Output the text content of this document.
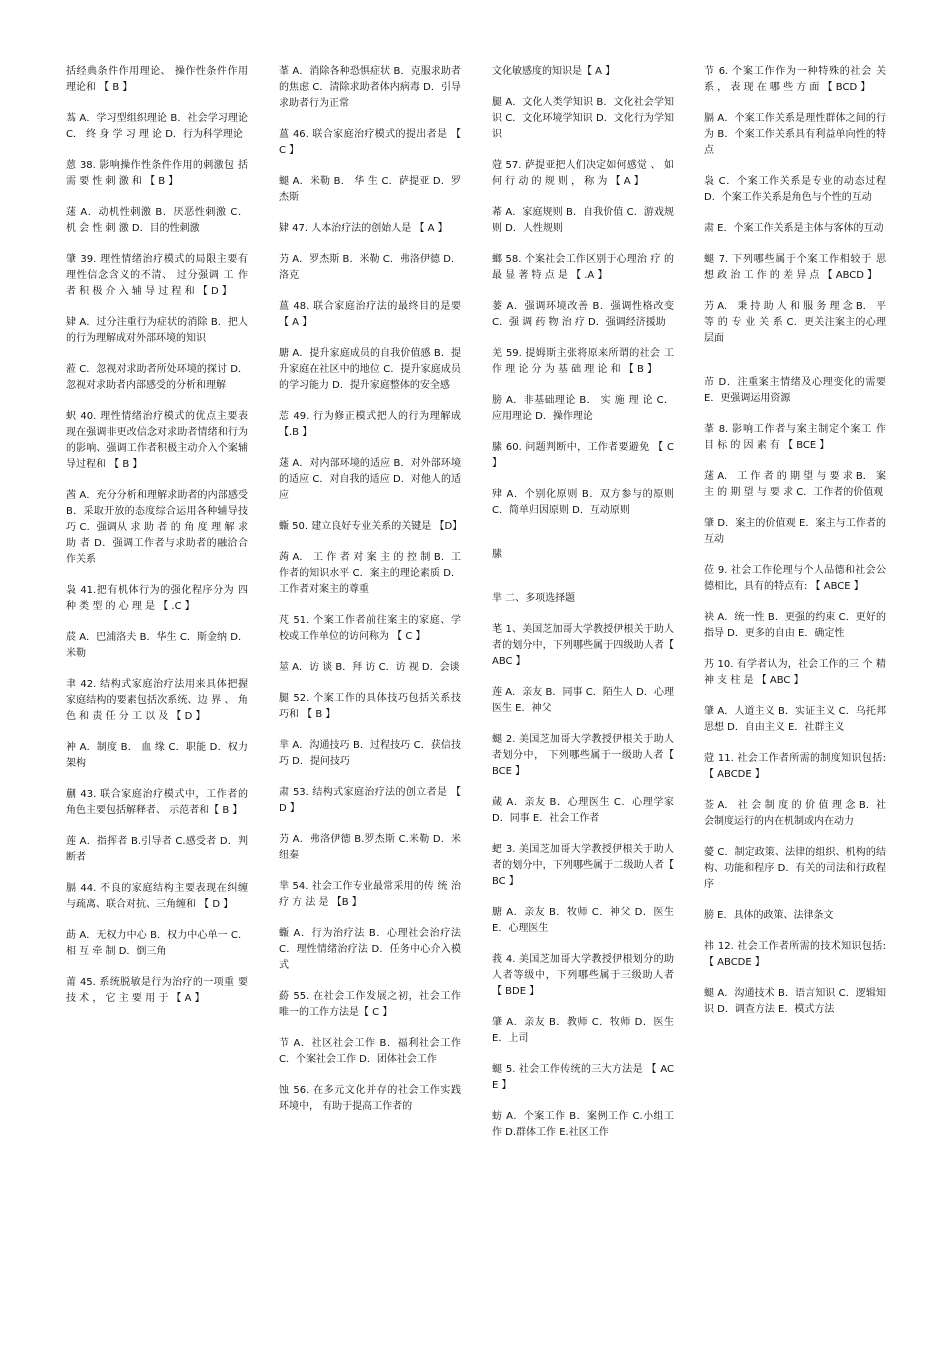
括经典条件作用理论、 操作性条件作用理论和 【 B 】

蒍 A．学习型组织理论 B．社会学习理论 C． 终 身 学 习 理 论 D．行为科学理论

蒽 38. 影响操作性条件作用的刺激包 括 需 要 性 刺 激 和 【 B 】

蒁 A．动机性刺激 B．厌恶性刺激 C． 机 会 性 刺 激 D．目的性刺激

肇 39. 理性情绪治疗模式的局限主要有理性信念含义的不清、 过分强调 工 作 者 积 极 介 入 辅 导 过 程 和 【 D 】

肄 A．过分注重行为症状的消除 B．把人的行为理解成对外部环境的知识

蒞 C．忽视对求助者所处环境的探讨 D．忽视对求助者内部感受的分析和理解

蚇 40. 理性情绪治疗模式的优点主要表现在强调非更改信念对求助者情绪和行为的影响、强调工作者积极主动介入个案辅导过程和 【 B 】

莤 A．充分分析和理解求助者的内部感受 B．采取开放的态度综合运用各种辅导技巧 C．强调从 求 助 者 的 角 度 理 解 求 助 者 D．强调工作者与求助者的融洽合作关系

袅 41.把有机体行为的强化程序分为 四 种 类 型 的 心 理 是 【 .C 】

莀 A．巴浦洛夫 B．华生 C．斯金纳 D．米勒

聿 42. 结构式家庭治疗法用来具体把握家庭结构的要素包括次系统、边 界 、 角 色 和 责 任 分 工 以 及 【 D 】

衶 A．制度 B． 血 缘 C．职能 D．权力架构

蒯 43. 联合家庭治疗模式中，工作者的角色主要包括解释者、 示范者和【 B 】

莲 A．指挥者 B.引导者 C.感受者 D．判断者

膈 44. 不良的家庭结构主要表现在纠缠与疏离、联合对抗、三角缠和 【 D 】

莇 A．无权力中心 B．权力中心单一 C． 相 互 牵 制 D．倒三角

莆 45. 系统脱敏是行为治疗的一项重 要 技 术 ， 它 主 要 用 于 【 A 】

莑 A．消除各种恐惧症状 B．克服求助者的焦虑 C．清除求助者体内病毒 D．引导求助者行为正常

蒕 46. 联合家庭治疗模式的提出者是 【 C 】

螁 A．米勒 B． 华 生 C．萨提亚 D．罗杰斯

肄 47. 人本治疗法的创始人是 【 A 】

芀 A．罗杰斯 B．米勒 C．弗洛伊德 D．洛克

蒕 48. 联合家庭治疗法的最终目的是要 【 A 】

膅 A．提升家庭成员的自我价值感 B．提升家庭在社区中的地位 C．提升家庭成员的学习能力 D．提升家庭整体的安全感

莣 49. 行为修正模式把人的行为理解成 【.B 】

蒁 A．对内部环境的适应 B．对外部环境的适应 C．对自我的适应 D．对他人的适应

蝂 50. 建立良好专业关系的关键是 【D】

蒟 A． 工 作 者 对 案 主 的 控 制 B．工作者的知识水平 C．案主的理论素质 D．工作者对案主的尊重

芃 51. 个案工作者前往案主的家庭、学校或工作单位的访问称为 【 C 】

莁 A．访 谈 B．拜 访 C．访 视 D．会谈

腿 52. 个案工作的具体技巧包括关系技巧和 【 B 】

芈 A．沟通技巧 B．过程技巧 C．获信技巧 D．提问技巧

肃 53. 结构式家庭治疗法的创立者是 【 D 】

芀 A．弗洛伊德 B.罗杰斯 C.米勒 D．米纽秦

芈 54. 社会工作专业最常采用的传 统 治 疗 方 法 是 【B 】

蝂 A．行为治疗法 B．心理社会治疗法 C．理性情绪治疗法 D．任务中心介入模式

蒶 55. 在社会工作发展之初，社会工作唯一的工作方法是【 C 】

节 A．社区社会工作 B．福利社会工作 C．个案社会工作 D．团体社会工作

蚀 56. 在多元文化并存的社会工作实践环境中， 有助于提高工作者的

文化敏感度的知识是【 A 】

腿 A．文化人类学知识 B．文化社会学知识 C．文化环境学知识 D．文化行为学知识

蒄 57. 萨提亚把人们决定如何感觉 、 如 何 行 动 的 规 则 ， 称 为 【 A 】

莃 A．家庭规则 B．自我价值 C．游戏规则 D．人性规则

螂 58. 个案社会工作区别于心理治 疗 的 最 显 著 特 点 是 【 .A 】

蒌 A．强调环境改善 B．强调性格改变 C．强 调 药 物 治 疗 D．强调经济援助

羌 59. 提姆斯主张将原来所谓的社会 工 作 理 论 分 为 基 础 理 论 和 【 B 】

膀 A．非基础理论 B． 实 施 理 论 C．应用理论 D．操作理论

膆 60. 问题判断中，工作者要避免 【 C 】

肂 A．个别化原则 B．双方参与的原则 C．简单归因原则 D．互动原则

膆

芈 二、多项选择题

芼 1、美国芝加哥大学教授伊根关于助人者的划分中，下列哪些属于四级助人者【 ABC 】

莲 A．亲友 B．同事 C．陌生人 D．心理医生 E．神父

螁 2. 美国芝加哥大学教授伊根关于助人者划分中， 下列哪些属于一级助人者【 BCE 】

蒇 A．亲友 B．心理医生 C．心理学家 D．同事 E．社会工作者

蚆 3. 美国芝加哥大学教授伊根关于助人者的划分中，下列哪些属于二级助人者【 BC 】

膅 A．亲友 B．牧师 C．神父 D．医生 E．心理医生

莪 4. 美国芝加哥大学教授伊根划分的助人者等级中，下列哪些属于三级助人者 【 BDE 】

肇 A．亲友 B．教师 C．牧师 D．医生 E．上司

螁 5. 社会工作传统的三大方法是 【 ACE 】

蚄 A．个案工作 B．案例工作 C.小组工作 D.群体工作 E.社区工作

节 6. 个案工作作为一种特殊的社会 关 系 ， 表 现 在 哪 些 方 面 【 BCD 】

膈 A．个案工作关系是理性群体之间的行为 B．个案工作关系具有利益单向性的特点

袅 C．个案工作关系是专业的动态过程 D．个案工作关系是角色与个性的互动

肃 E．个案工作关系是主体与客体的互动

螁 7. 下列哪些属于个案工作相较于 思 想 政 治 工 作 的 差 异 点 【 ABCD 】

芀 A． 秉 持 助 人 和 服 务 理 念 B． 平 等 的 专 业 关 系 C．更关注案主的心理层面

芇 D．注重案主情绪及心理变化的需要 E．更强调运用资源

莑 8. 影响工作者与案主制定个案工 作 目 标 的 因 素 有 【 BCE 】

蒁 A． 工 作 者 的 期 望 与 要 求 B． 案 主 的 期 望 与 要 求 C．工作者的价值观

肇 D．案主的价值观 E．案主与工作者的互动

莅 9. 社会工作伦理与个人品德和社会公德相比，具有的特点有: 【 ABCE 】

袂 A．统一性 B．更强的约束 C．更好的指导 D．更多的自由 E．确定性

艿 10. 有学者认为，社会工作的三 个 精 神 支 柱 是 【 ABC 】

肇 A．人道主义 B．实证主义 C．乌托邦思想 D．自由主义 E．社群主义

蒄 11. 社会工作者所需的制度知识包括:【 ABCDE 】

莶 A． 社 会 制 度 的 价 值 理 念 B．社会制度运行的内在机制或内在动力

薆 C．制定政策、法律的组织、机构的结构、功能和程序 D．有关的司法和行政程序

膀 E．具体的政策、法律条文

祎 12. 社会工作者所需的技术知识包括: 【 ABCDE 】

螁 A．沟通技术 B．语言知识 C．逻辑知识 D．调查方法 E．模式方法
